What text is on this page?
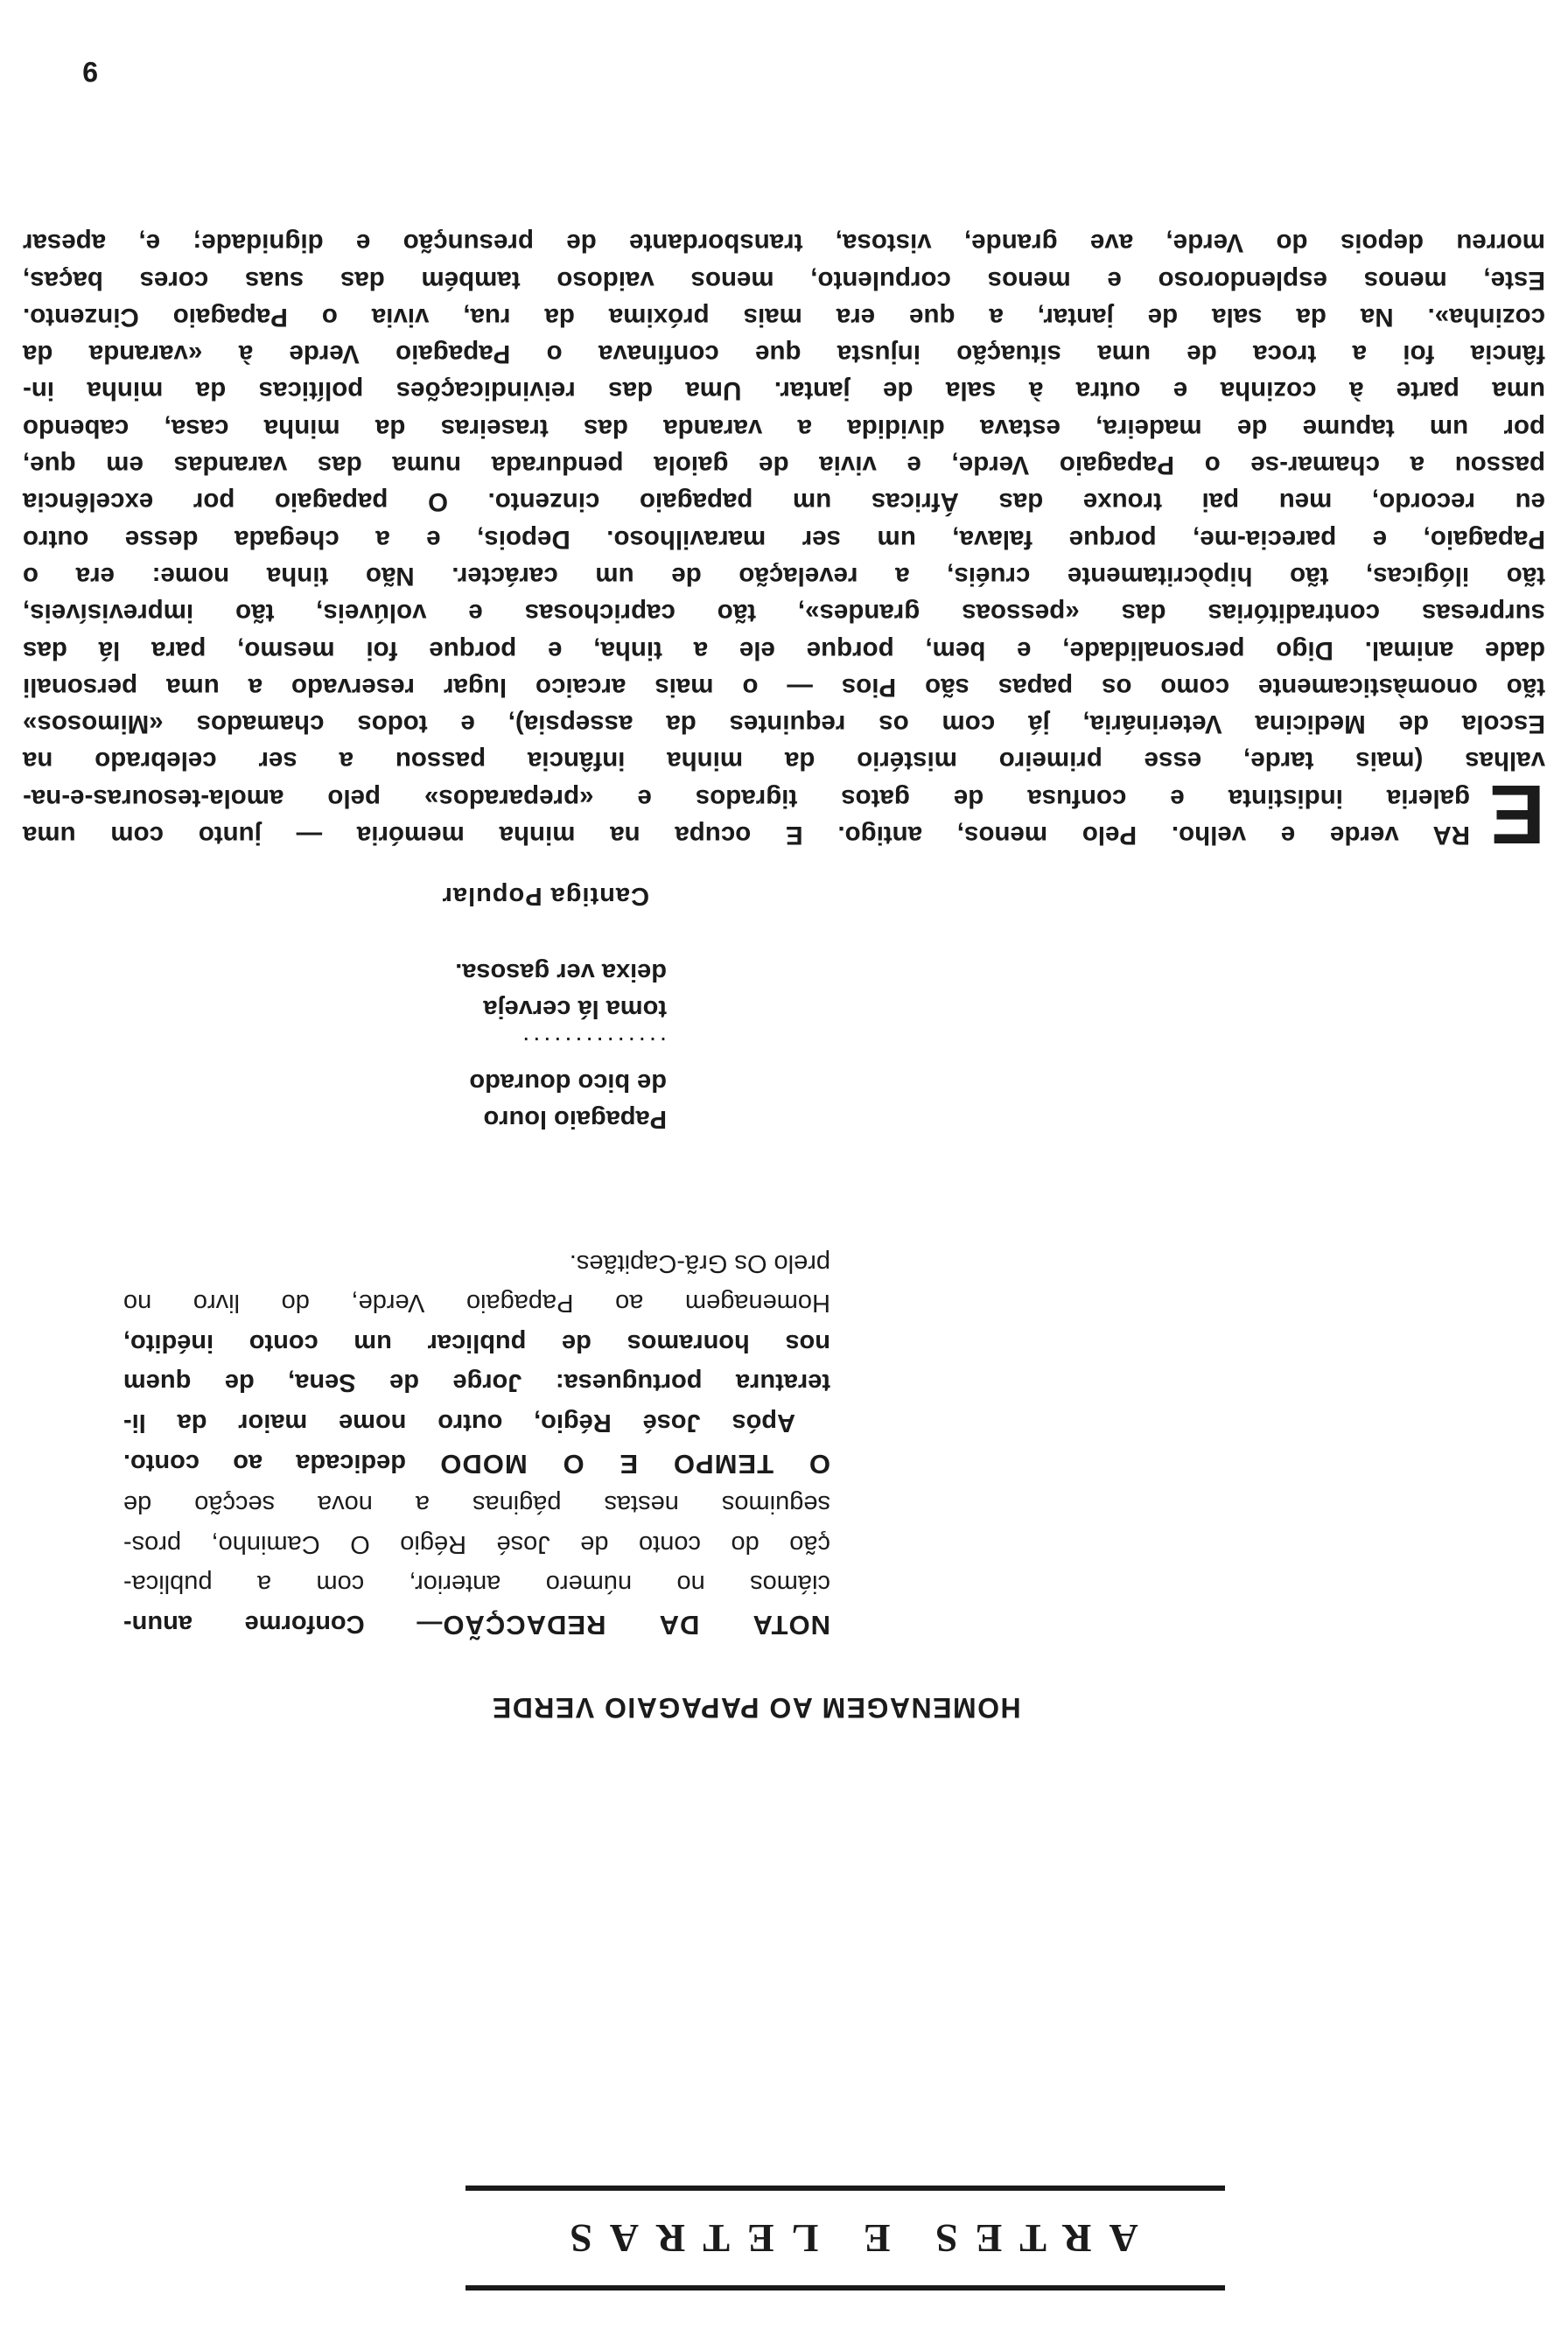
ARTES E LETRAS
HOMENAGEM AO PAPAGAIO VERDE
NOTA DA REDACÇÃO— Conforme anun-
ciámos no número anterior, com a publica-
ção do conto de José Régio O Caminho, pros-
seguimos nestas páginas a nova secção de
O TEMPO E O MODO dedicada ao conto.
Após José Régio, outro nome maior da li-
teratura portuguesa: Jorge de Sena, de quem
nos honramos de publicar um conto inédito,
Homenagem ao Papagaio Verde, do livro no
prelo Os Grã-Capitães.
Papagaio louro
de bico dourado
..............
toma lá cerveja
deixa ver gasosa.
Cantiga Popular
E
RA verde e velho. Pelo menos, antigo. E ocupa na minha memória — junto com uma
galeria indistinta e confusa de gatos tigrados e «preparados» pelo amola-tesouras-e-na-
valhas (mais tarde, esse primeiro mistério da minha infância passou a ser celebrado na
Escola de Medicina Veterinária, já com os requintes da assepsia), e todos chamados «Mimosos»
tão onomàsticamente como os papas são Pios — o mais arcaico lugar reservado a uma personali
dade animal. Digo personalidade, e bem, porque ele a tinha, e porque foi mesmo, para lá das
surpresas contraditórias das «pessoas grandes», tão caprichosas e volúveis, tão imprevisíveis,
tão ilógicas, tão hipòcritamente cruéis, a revelação de um carácter. Não tinha nome: era o
Papagaio, e parecia-me, porque falava, um ser maravilhoso. Depois, e a chegada desse outro
eu recordo, meu pai trouxe das Áfricas um papagaio cinzento. O papagaio por excelência
passou a chamar-se o Papagaio Verde, e vivia de gaiola pendurada numa das varandas em que,
por um tapume de madeira, estava dividida a varanda das traseiras da minha casa, cabendo
uma parte à cozinha e outra à sala de jantar. Uma das reivindicações políticas da minha in-
fância foi a troca de uma situação injusta que confinava o Papagaio Verde à «varanda da
cozinha». Na da sala de jantar, a que era mais próxima da rua, vivia o Papagaio Cinzento.
Este, menos esplendoroso e menos corpulento, menos vaidoso também das suas cores baças,
morreu depois do Verde, ave grande, vistosa, transbordante de presunção e dignidade; e, apesar
9
